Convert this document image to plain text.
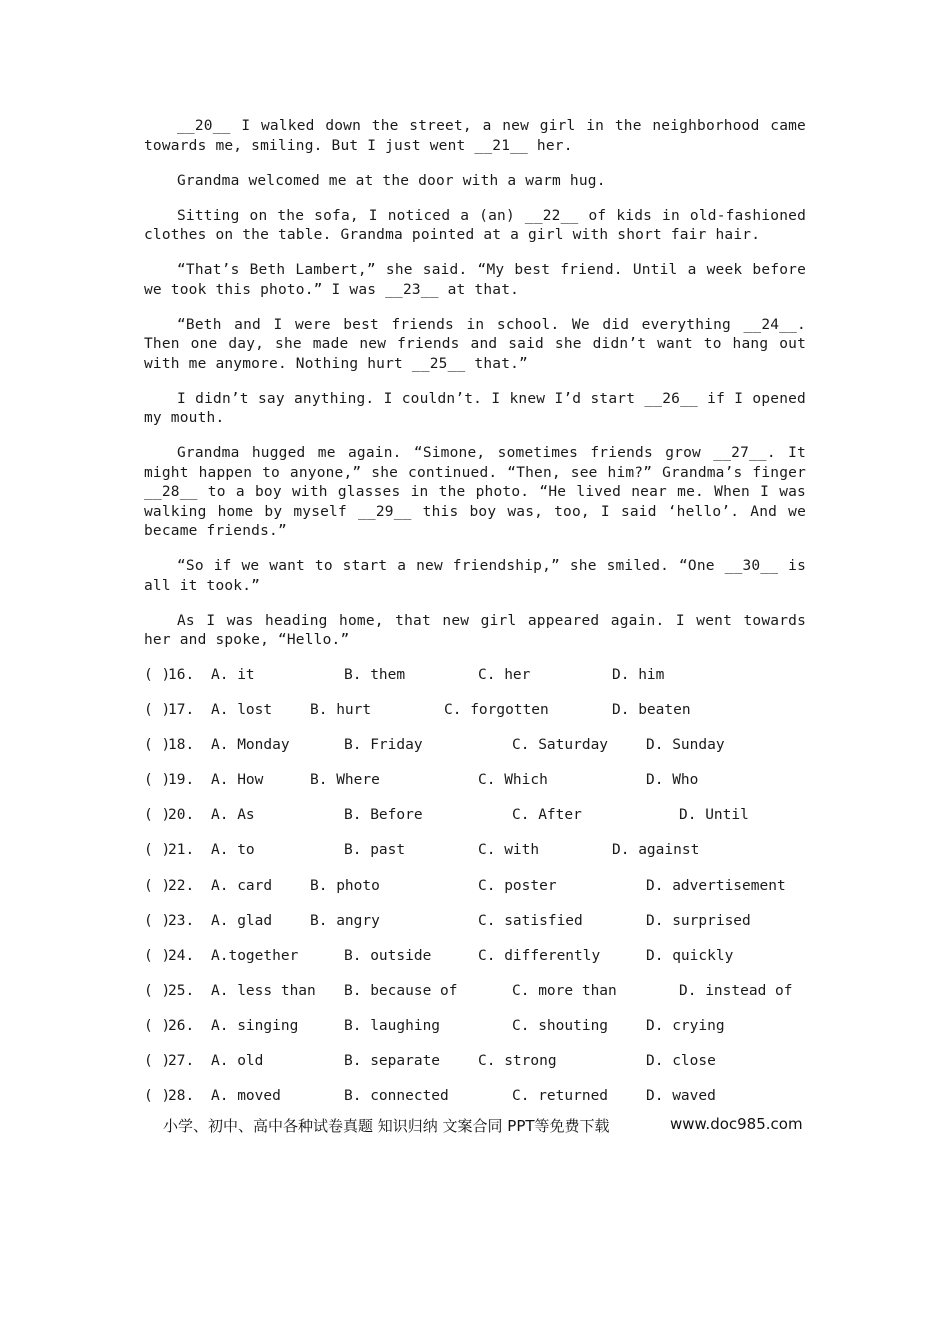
__20__ I walked down the street, a new girl in the neighborhood came towards me, smiling. But I just went __21__ her.

Grandma welcomed me at the door with a warm hug.

Sitting on the sofa, I noticed a (an) __22__ of kids in old-fashioned clothes on the table. Grandma pointed at a girl with short fair hair.

“That’s Beth Lambert,” she said. “My best friend. Until a week before we took this photo.” I was __23__ at that.

“Beth and I were best friends in school. We did everything __24__. Then one day, she made new friends and said she didn’t want to hang out with me anymore. Nothing hurt __25__ that.”

I didn’t say anything. I couldn’t. I knew I’d start __26__ if I opened my mouth.

Grandma hugged me again. “Simone, sometimes friends grow __27__. It might happen to anyone,” she continued. “Then, see him?” Grandma’s finger __28__ to a boy with glasses in the photo. “He lived near me. When I was walking home by myself __29__ this boy was, too, I said ‘hello’. And we became friends.”

“So if we want to start a new friendship,” she smiled. “One __30__ is all it took.”

As I was heading home, that new girl appeared again. I went towards her and spoke, “Hello.”

( )
16. A. it	B. them	C. her	D. him
( )
17. A. lost	B. hurt	C. forgotten	D. beaten
( )
18. A. Monday	B. Friday	C. Saturday	D. Sunday
( )
19. A. How	B. Where	C. Which	D. Who
( )
20. A. As	B. Before	C. After	D. Until
( )
21. A. to	B. past	C. with	D. against
( )
22. A. card	B. photo	C. poster	D. advertisement
( )
23. A. glad	B. angry	C. satisfied	D. surprised
( )
24. A.together	B. outside	C. differently	D. quickly
( )
25. A. less than B. because of	C. more than	D. instead of
( )
26. A. singing	B. laughing	C. shouting	D. crying
( )
27. A. old	B. separate	C. strong	D. close
( )
28. A. moved	B. connected	C. returned	D. waved
小学、初中、高中各种试卷真题 知识归纳 文案合同 PPT等免费下载	www.doc985.com
